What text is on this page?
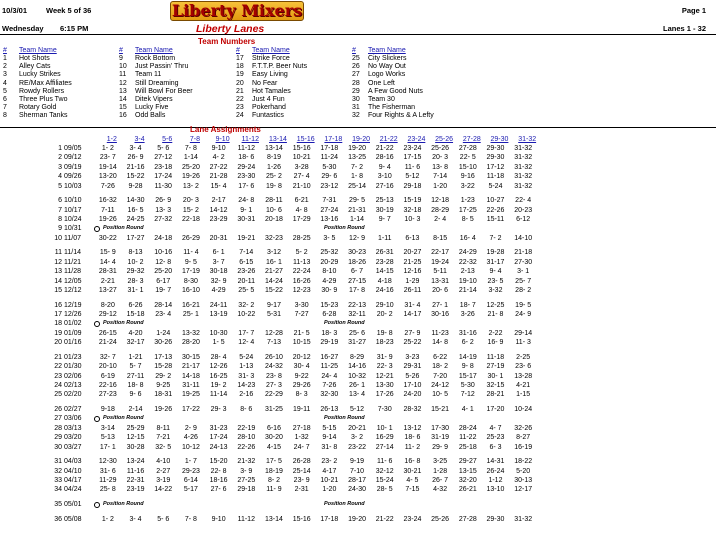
10/3/01	Week 5 of 36
Wednesday 6:15 PM
Liberty Mixers
Liberty Lanes
Page 1
Lanes 1 - 32
Team Numbers
#	Team Name
1	Hot Shots
2	Alley Cats
3	Lucky Strikes
4	RE/Max Affiliates
5	Rowdy Rollers
6	Three Plus Two
7	Rotary Gold
8	Sherman Tanks
#	Team Name
9	Rock Bottom
10	Just Passin' Thru
11	Team 11
12	Still Dreaming
13	Will Bowl For Beer
14	Ditek Vipers
15	Lucky Five
16	Odd Balls
#	Team Name
17	Strike Force
18	F.T.T.P. Beer Nuts
19	Easy Living
20	No Fear
21	Hot Tamales
22	Just 4 Fun
23	Pokerhand
24	Funtastics
#	Team Name
25	City Slickers
26	No Way Out
27	Logo Works
28	One Left
29	A Few Good Nuts
30	Team 30
31	The Fisherman
32	Four Rights & A Lefty
Lane Assignments
1-2	3-4	5-6	7-8	9-10	11-12	13-14	15-16	17-18	19-20	21-22	23-24	25-26	27-28	29-30	31-32
1 09/05	1- 2	3- 4	5- 6	7- 8	9-10	11-12	13-14	15-16	17-18	19-20	21-22	23-24	25-26	27-28	29-30	31-32
2 09/12	23- 7	26- 9	27-12	1-14	4- 2	18- 6	8-19	10-21	11-24	13-25	28-16	17-15	20- 3	22- 5	29-30	31-32
3 09/19	19-14	21-16	23-18	25-20	27-22	29-24	1-26	3-28	5-30	7- 2	9- 4	11- 6	13- 8	15-10	17-12	31-32
4 09/26	13-20	15-22	17-24	19-26	21-28	23-30	25- 2	27- 4	29- 6	1- 8	3-10	5-12	7-14	9-16	11-18	31-32
5 10/03	7-26	9-28	11-30	13- 2	15- 4	17- 6	19- 8	21-10	23-12	25-14	27-16	29-18	1-20	3-22	5-24	31-32
6 10/10	16-32	14-30	26- 9	20- 3	2-17	24- 8	28-11	6-21	7-31	29- 5	25-13	15-19	12-18	1-23	10-27	22- 4
7 10/17	7-11	16- 5	13- 3	15- 2	14-12	9- 1	10- 6	4- 8	27-24	21-31	30-19	32-18	28-29	17-25	22-26	20-23
8 10/24	19-26	24-25	27-32	22-18	23-29	30-31	20-18	17-29	13-16	1-14	9- 7	10- 3	2- 4	8- 5	15-11	6-12
9 10/31	Position Round	Position Round
10 11/07	30-22	17-27	24-18	26-29	20-31	19-21	32-23	28-25	3- 5	12- 9	1-11	6-13	8-15	16- 4	7- 2	14-10
11 11/14	15- 9	8-13	10-16	11- 4	6- 1	7-14	3-12	5- 2	25-32	30-23	26-31	20-27	22-17	24-29	19-28	21-18
12 11/21	14- 4	10- 2	12- 8	9- 5	3- 7	6-15	16- 1	11-13	20-29	18-26	23-28	21-25	19-24	22-32	31-17	27-30
13 11/28	28-31	29-32	25-20	17-19	30-18	23-26	21-27	22-24	8-10	6- 7	14-15	12-16	5-11	2-13	9- 4	3- 1
14 12/05	2-21	28- 3	6-17	8-30	32- 9	20-11	14-24	16-26	4-29	27-15	4-18	1-29	13-31	19-10	23- 5	25- 7
15 12/12	13-27	31- 1	19- 7	16-10	4-29	25- 5	15-22	12-23	30- 9	17- 8	24-16	26-11	20- 6	21-14	3-32	28- 2
16 12/19	8-20	6-26	28-14	16-21	24-11	32- 2	9-17	3-30	15-23	22-13	29-10	31- 4	27- 1	18- 7	12-25	19- 5
17 12/26	29-12	15-18	23- 4	25- 1	13-19	10-22	5-31	7-27	6-28	32-11	20- 2	14-17	30-16	3-26	21- 8	24- 9
18 01/02	Position Round	Position Round
19 01/09	26-15	4-20	1-24	13-32	10-30	17- 7	12-28	21- 5	18- 3	25- 6	19- 8	27- 9	11-23	31-16	2-22	29-14
20 01/16	21-24	32-17	30-26	28-20	1- 5	12- 4	7-13	10-15	29-19	31-27	18-23	25-22	14- 8	6- 2	16- 9	11- 3
21 01/23	32- 7	1-21	17-13	30-15	28- 4	5-24	26-10	20-12	16-27	8-29	31- 9	3-23	6-22	14-19	11-18	2-25
22 01/30	20-10	5- 7	15-28	21-17	12-26	1-13	24-32	30- 4	11-25	14-16	22- 3	29-31	18- 2	9- 8	27-19	23- 6
23 02/06	6-19	27-11	29- 2	14-18	16-25	31- 3	23- 8	9-22	24- 4	10-32	12-21	5-26	7-20	15-17	30- 1	13-28
24 02/13	22-16	18- 8	9-25	31-11	19- 2	14-23	27- 3	29-26	7-26	26- 1	13-30	17-10	24-12	5-30	32-15	4-21
25 02/20	27-23	9- 6	18-31	19-25	11-14	2-16	22-29	8- 3	32-30	13- 4	17-26	24-20	10- 5	7-12	28-21	1-15
26 02/27	9-18	2-14	19-26	17-22	29- 3	8- 6	31-25	19-11	26-13	5-12	7-30	28-32	15-21	4- 1	17-20	10-24
27 03/06	Position Round	Position Round
28 03/13	3-14	25-29	8-11	2- 9	31-23	22-19	6-16	27-18	5-15	20-21	10- 1	13-12	17-30	28-24	4- 7	32-26
29 03/20	5-13	12-15	7-21	4-26	17-24	28-10	30-20	1-32	9-14	3- 2	16-29	18- 6	31-19	11-22	25-23	8-27
30 03/27	17- 1	30-28	32- 5	10-12	24-13	22-26	4-15	24- 7	31- 8	23-22	27-14	11- 2	29- 9	25-18	6- 3	16-19
31 04/03	12-30	13-24	4-10	1- 7	15-20	21-32	17- 5	26-28	23- 2	9-19	11- 6	16- 8	3-25	29-27	14-31	18-22
32 04/10	31- 6	11-16	2-27	29-23	22- 8	3- 9	18-19	25-14	4-17	7-10	32-12	30-21	1-28	13-15	26-24	5-20
33 04/17	11-29	22-31	3-19	6-14	18-16	27-25	8- 2	23- 9	10-21	28-17	15-24	4- 5	26- 7	32-20	1-12	30-13
34 04/24	25- 8	23-19	14-22	5-17	27- 6	29-18	11- 9	2-31	1-20	24-30	28- 5	7-15	4-32	26-21	13-10	12-17
35 05/01	Position Round	Position Round
36 05/08	1- 2	3- 4	5- 6	7- 8	9-10	11-12	13-14	15-16	17-18	19-20	21-22	23-24	25-26	27-28	29-30	31-32
